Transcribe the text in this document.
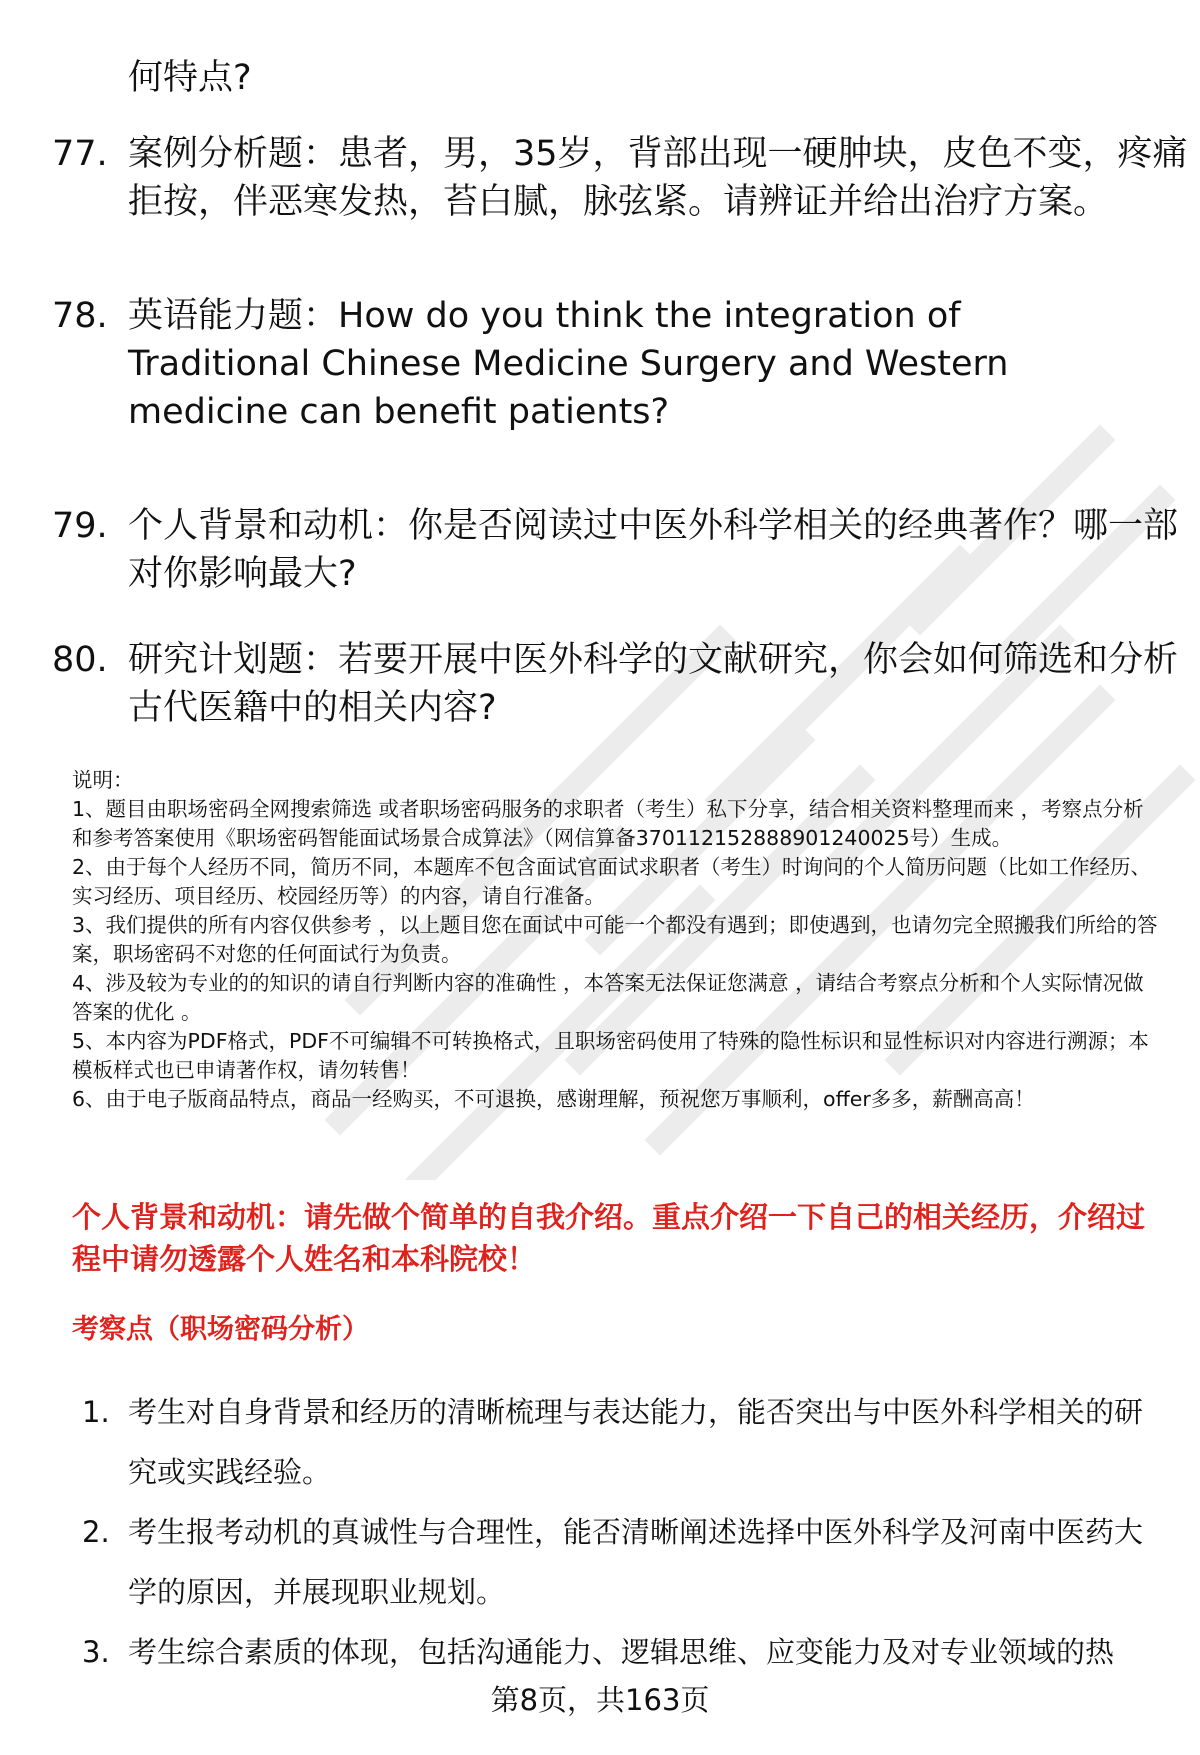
何特点?
77. 案例分析题：患者，男，35岁，背部出现一硬肿块，皮色不变，疼痛拒按，伴恶寒发热，苔白腻，脉弦紧。请辨证并给出治疗方案。
78. 英语能力题：How do you think the integration of Traditional Chinese Medicine Surgery and Western medicine can benefit patients?
79. 个人背景和动机：你是否阅读过中医外科学相关的经典著作？哪一部对你影响最大?
80. 研究计划题：若要开展中医外科学的文献研究，你会如何筛选和分析古代医籍中的相关内容?
说明：
1、题目由职场密码全网搜索筛选 或者职场密码服务的求职者（考生）私下分享，结合相关资料整理而来 ，考察点分析和参考答案使用《职场密码智能面试场景合成算法》（网信算备370112152888901240025号）生成。
2、由于每个人经历不同，简历不同，本题库不包含面试官面试求职者（考生）时询问的个人简历问题（比如工作经历、实习经历、项目经历、校园经历等）的内容，请自行准备。
3、我们提供的所有内容仅供参考 ，以上题目您在面试中可能一个都没有遇到；即使遇到，也请勿完全照搬我们所给的答案，职场密码不对您的任何面试行为负责。
4、涉及较为专业的的知识的请自行判断内容的准确性 ，本答案无法保证您满意 ，请结合考察点分析和个人实际情况做答案的优化 。
5、本内容为PDF格式，PDF不可编辑不可转换格式，且职场密码使用了特殊的隐性标识和显性标识对内容进行溯源；本模板样式也已申请著作权，请勿转售！
6、由于电子版商品特点，商品一经购买，不可退换，感谢理解，预祝您万事顺利，offer多多，薪酬高高！
个人背景和动机：请先做个简单的自我介绍。重点介绍一下自己的相关经历，介绍过程中请勿透露个人姓名和本科院校！
考察点（职场密码分析）
1. 考生对自身背景和经历的清晰梳理与表达能力，能否突出与中医外科学相关的研究或实践经验。
2. 考生报考动机的真诚性与合理性，能否清晰阐述选择中医外科学及河南中医药大学的原因，并展现职业规划。
3. 考生综合素质的体现，包括沟通能力、逻辑思维、应变能力及对专业领域的热
第8页，共163页
